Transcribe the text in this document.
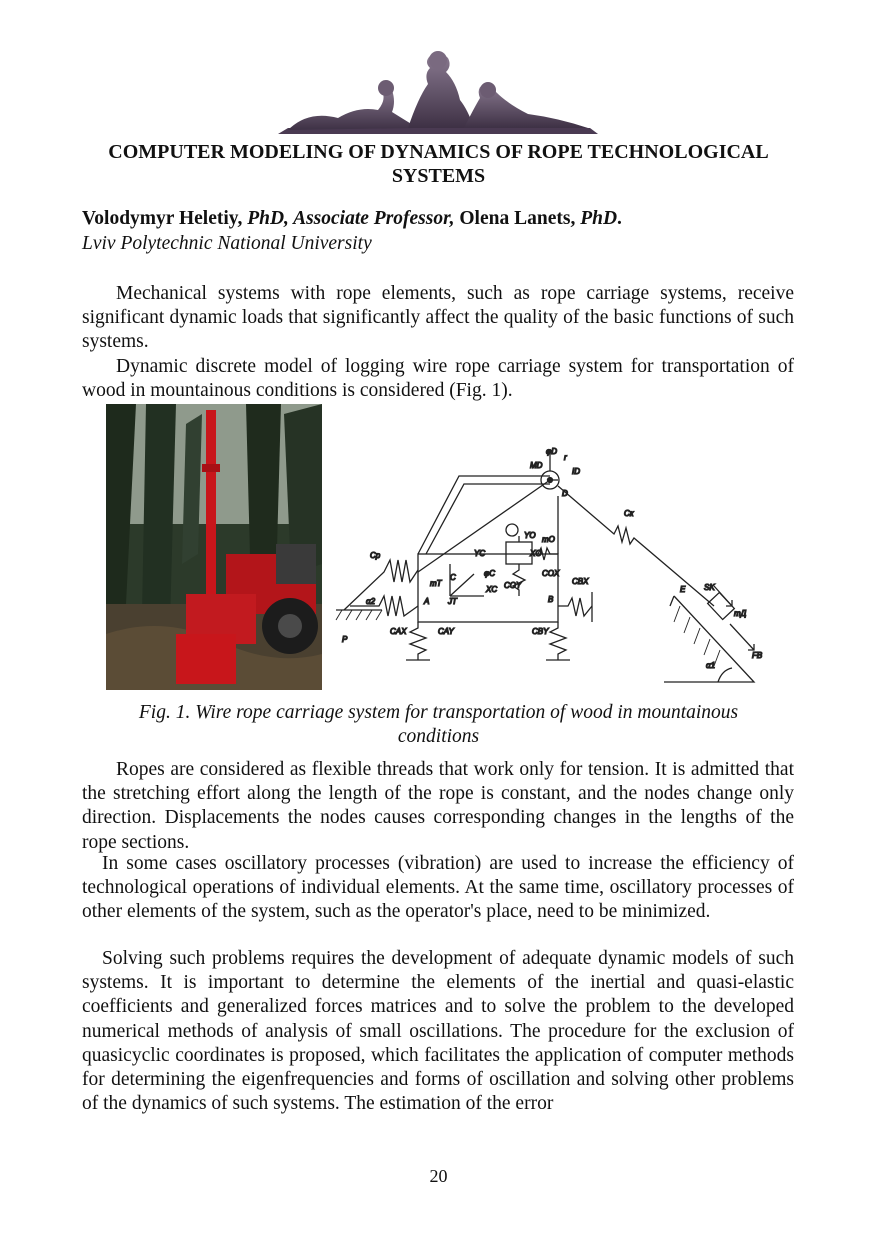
COMPUTER MODELING OF DYNAMICS OF ROPE TECHNOLOGICAL SYSTEMS
Volodymyr Heletiy, PhD, Associate Professor, Olena Lanets, PhD.
Lviv Polytechnic National University

Mechanical systems with rope elements, such as rope carriage systems, receive significant dynamic loads that significantly affect the quality of the basic functions of such systems.

Dynamic discrete model of logging wire rope carriage system for transportation of wood in mountainous conditions is considered (Fig. 1).

φD
MD
r
ID
D
Cк
Cp
mT
C
JT
YC
XC
φC
YO
XO
mO
COY
COX
CBX
B
A
CAX	CAY	CBY
P
α2
E SK
mД
FB
α1
Fig. 1. Wire rope carriage system for transportation of wood in mountainous conditions

Ropes are considered as flexible threads that work only for tension. It is admitted that the stretching effort along the length of the rope is constant, and the nodes change only direction. Displacements the nodes causes corresponding changes in the lengths of the rope sections.

In some cases oscillatory processes (vibration) are used to increase the efficiency of technological operations of individual elements. At the same time, oscillatory processes of other elements of the system, such as the operator's place, need to be minimized.

Solving such problems requires the development of adequate dynamic models of such systems. It is important to determine the elements of the inertial and quasi-elastic coefficients and generalized forces matrices and to solve the problem to the developed numerical methods of analysis of small oscillations. The procedure for the exclusion of quasicyclic coordinates is proposed, which facilitates the application of computer methods for determining the eigenfrequencies and forms of oscillation and solving other problems of the dynamics of such systems. The estimation of the error

20
